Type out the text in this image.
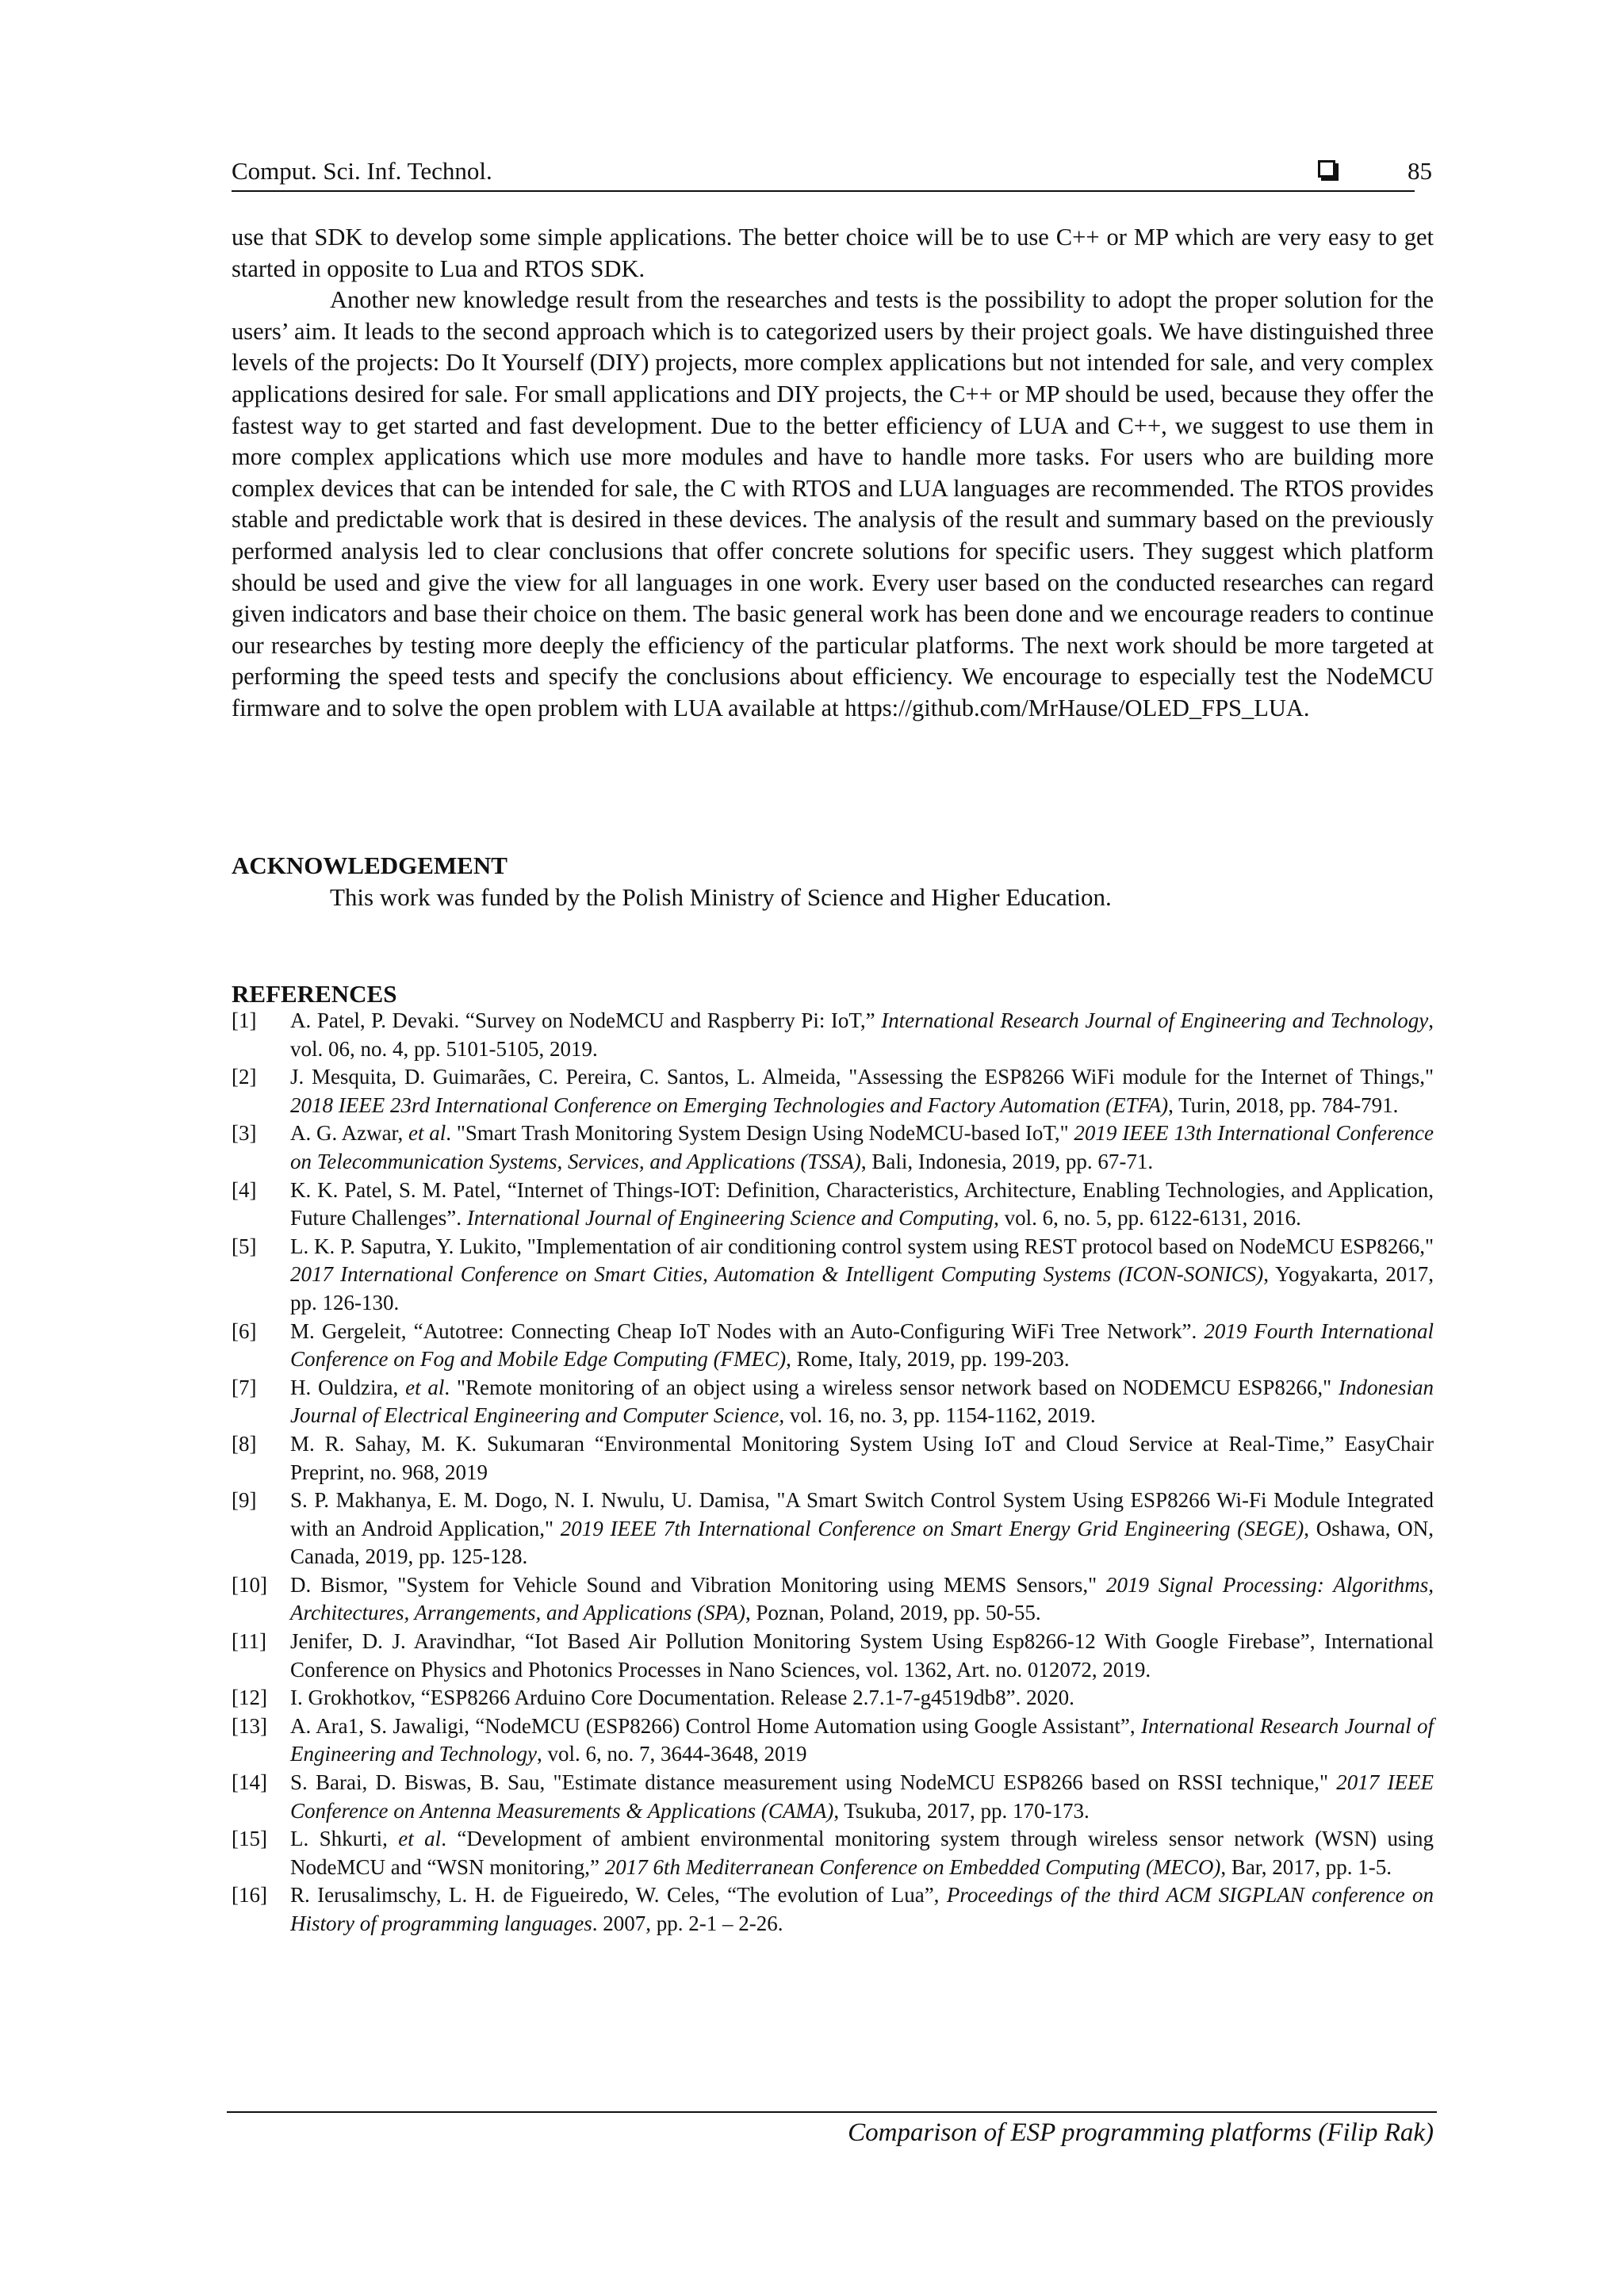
Comput. Sci. Inf. Technol.	85

use that SDK to develop some simple applications. The better choice will be to use C++ or MP which are very easy to get started in opposite to Lua and RTOS SDK.

Another new knowledge result from the researches and tests is the possibility to adopt the proper solution for the users’ aim. It leads to the second approach which is to categorized users by their project goals. We have distinguished three levels of the projects: Do It Yourself (DIY) projects, more complex applications but not intended for sale, and very complex applications desired for sale. For small applications and DIY projects, the C++ or MP should be used, because they offer the fastest way to get started and fast development. Due to the better efficiency of LUA and C++, we suggest to use them in more complex applications which use more modules and have to handle more tasks. For users who are building more complex devices that can be intended for sale, the C with RTOS and LUA languages are recommended. The RTOS provides stable and predictable work that is desired in these devices. The analysis of the result and summary based on the previously performed analysis led to clear conclusions that offer concrete solutions for specific users. They suggest which platform should be used and give the view for all languages in one work. Every user based on the conducted researches can regard given indicators and base their choice on them. The basic general work has been done and we encourage readers to continue our researches by testing more deeply the efficiency of the particular platforms. The next work should be more targeted at performing the speed tests and specify the conclusions about efficiency. We encourage to especially test the NodeMCU firmware and to solve the open problem with LUA available at https://github.com/MrHause/OLED_FPS_LUA.

ACKNOWLEDGEMENT
This work was funded by the Polish Ministry of Science and Higher Education.
REFERENCES
[1] A. Patel, P. Devaki. “Survey on NodeMCU and Raspberry Pi: IoT,” International Research Journal of Engineering and Technology, vol. 06, no. 4, pp. 5101-5105, 2019.
[2] J. Mesquita, D. Guimarães, C. Pereira, C. Santos, L. Almeida, "Assessing the ESP8266 WiFi module for the Internet of Things," 2018 IEEE 23rd International Conference on Emerging Technologies and Factory Automation (ETFA), Turin, 2018, pp. 784-791.
[3] A. G. Azwar, et al. "Smart Trash Monitoring System Design Using NodeMCU-based IoT," 2019 IEEE 13th International Conference on Telecommunication Systems, Services, and Applications (TSSA), Bali, Indonesia, 2019, pp. 67-71.
[4] K. K. Patel, S. M. Patel, “Internet of Things-IOT: Definition, Characteristics, Architecture, Enabling Technologies, and Application, Future Challenges”. International Journal of Engineering Science and Computing, vol. 6, no. 5, pp. 6122-6131, 2016.
[5] L. K. P. Saputra, Y. Lukito, "Implementation of air conditioning control system using REST protocol based on NodeMCU ESP8266," 2017 International Conference on Smart Cities, Automation & Intelligent Computing Systems (ICON-SONICS), Yogyakarta, 2017, pp. 126-130.
[6] M. Gergeleit, “Autotree: Connecting Cheap IoT Nodes with an Auto-Configuring WiFi Tree Network”. 2019 Fourth International Conference on Fog and Mobile Edge Computing (FMEC), Rome, Italy, 2019, pp. 199-203.
[7] H. Ouldzira, et al. "Remote monitoring of an object using a wireless sensor network based on NODEMCU ESP8266," Indonesian Journal of Electrical Engineering and Computer Science, vol. 16, no. 3, pp. 1154-1162, 2019.
[8] M. R. Sahay, M. K. Sukumaran “Environmental Monitoring System Using IoT and Cloud Service at Real-Time,” EasyChair Preprint, no. 968, 2019
[9] S. P. Makhanya, E. M. Dogo, N. I. Nwulu, U. Damisa, "A Smart Switch Control System Using ESP8266 Wi-Fi Module Integrated with an Android Application," 2019 IEEE 7th International Conference on Smart Energy Grid Engineering (SEGE), Oshawa, ON, Canada, 2019, pp. 125-128.
[10] D. Bismor, "System for Vehicle Sound and Vibration Monitoring using MEMS Sensors," 2019 Signal Processing: Algorithms, Architectures, Arrangements, and Applications (SPA), Poznan, Poland, 2019, pp. 50-55.
[11] Jenifer, D. J. Aravindhar, “Iot Based Air Pollution Monitoring System Using Esp8266-12 With Google Firebase”, International Conference on Physics and Photonics Processes in Nano Sciences, vol. 1362, Art. no. 012072, 2019.
[12] I. Grokhotkov, “ESP8266 Arduino Core Documentation. Release 2.7.1-7-g4519db8”. 2020.
[13] A. Ara1, S. Jawaligi, “NodeMCU (ESP8266) Control Home Automation using Google Assistant”, International Research Journal of Engineering and Technology, vol. 6, no. 7, 3644-3648, 2019
[14] S. Barai, D. Biswas, B. Sau, "Estimate distance measurement using NodeMCU ESP8266 based on RSSI technique," 2017 IEEE Conference on Antenna Measurements & Applications (CAMA), Tsukuba, 2017, pp. 170-173.
[15] L. Shkurti, et al. “Development of ambient environmental monitoring system through wireless sensor network (WSN) using NodeMCU and “WSN monitoring,” 2017 6th Mediterranean Conference on Embedded Computing (MECO), Bar, 2017, pp. 1-5.
[16] R. Ierusalimschy, L. H. de Figueiredo, W. Celes, “The evolution of Lua”, Proceedings of the third ACM SIGPLAN conference on History of programming languages. 2007, pp. 2-1 – 2-26.
Comparison of ESP programming platforms (Filip Rak)
